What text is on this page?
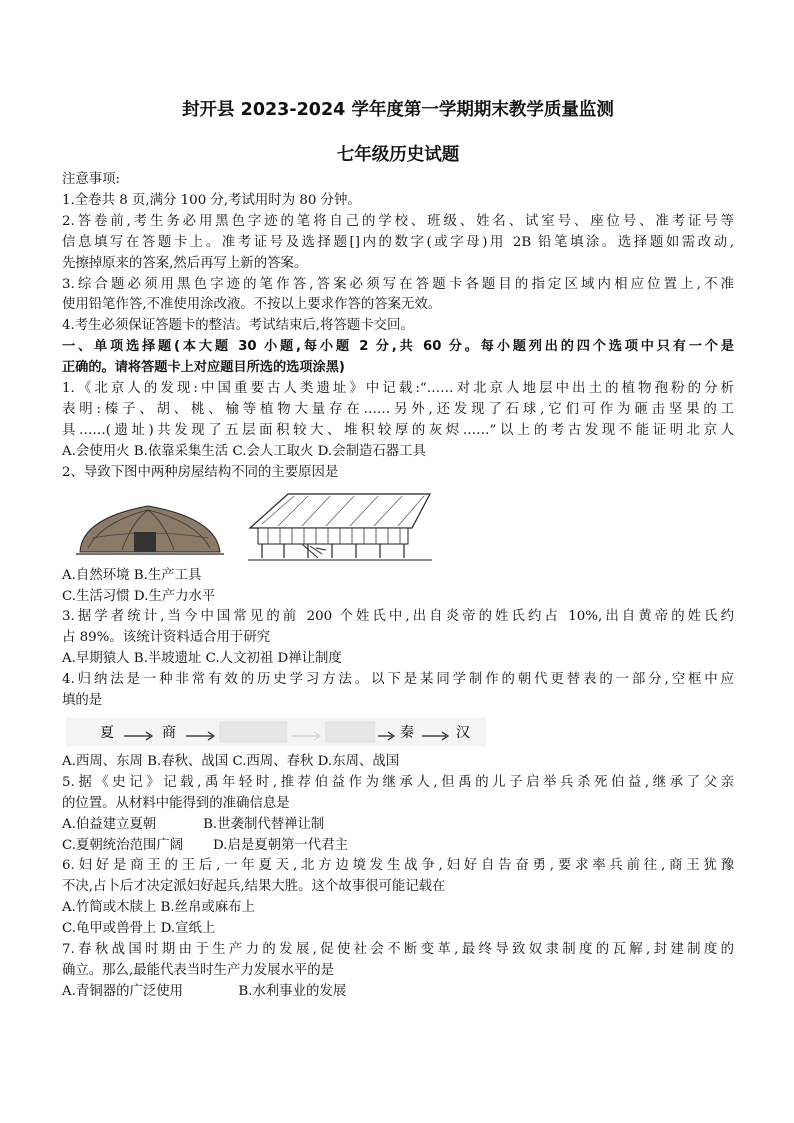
封开县 2023-2024 学年度第一学期期末教学质量监测
七年级历史试题
注意事项:
1.全卷共 8 页,满分 100 分,考试用时为 80 分钟。
2.答卷前,考生务必用黑色字迹的笔将自己的学校、班级、姓名、试室号、座位号、准考证号等
信息填写在答题卡上。准考证号及选择题[]内的数字(或字母)用 2B 铅笔填涂。选择题如需改动,
先擦掉原来的答案,然后再写上新的答案。
3.综合题必须用黑色字迹的笔作答,答案必须写在答题卡各题目的指定区域内相应位置上,不准
使用铅笔作答,不准使用涂改液。不按以上要求作答的答案无效。
4.考生必须保证答题卡的整洁。考试结束后,将答题卡交回。
一、单项选择题(本大题 30 小题,每小题 2 分,共 60 分。每小题列出的四个选项中只有一个是
正确的。请将答题卡上对应题目所选的选项涂黑)
1.《北京人的发现:中国重要古人类遗址》中记载:“……对北京人地层中出土的植物孢粉的分析
表明:榛子、胡、桃、榆等植物大量存在……另外,还发现了石球,它们可作为砸击坚果的工
具……(遗址)共发现了五层面积较大、堆积较厚的灰烬……”以上的考古发现不能证明北京人
A.会使用火 B.依靠采集生活 C.会人工取火 D.会制造石器工具
2、导致下图中两种房屋结构不同的主要原因是
A.自然环境 B.生产工具
C.生活习惯 D.生产力水平
3.据学者统计,当今中国常见的前 200 个姓氏中,出自炎帝的姓氏约占 10%,出自黄帝的姓氏约
占 89%。该统计资料适合用于研究
A.早期猿人 B.半坡遗址 C.人文初祖 D禅让制度
4.归纳法是一种非常有效的历史学习方法。以下是某同学制作的朝代更替表的一部分,空框中应
填的是
夏	商	秦	汉
A.西周、东周 B.春秋、战国 C.西周、春秋 D.东周、战国
5.据《史记》记载,禹年轻时,推荐伯益作为继承人,但禹的儿子启举兵杀死伯益,继承了父亲
的位置。从材料中能得到的准确信息是
A.伯益建立夏朝           B.世袭制代替禅让制
C.夏朝统治范围广阔       D.启是夏朝第一代君主
6.妇好是商王的王后,一年夏天,北方边境发生战争,妇好自告奋勇,要求率兵前往,商王犹豫
不决,占卜后才决定派妇好起兵,结果大胜。这个故事很可能记载在
A.竹简或木牍上 B.丝帛或麻布上
C.龟甲或兽骨上 D.宣纸上
7.春秋战国时期由于生产力的发展,促使社会不断变革,最终导致奴隶制度的瓦解,封建制度的
确立。那么,最能代表当时生产力发展水平的是
A.青铜器的广泛使用             B.水利事业的发展
